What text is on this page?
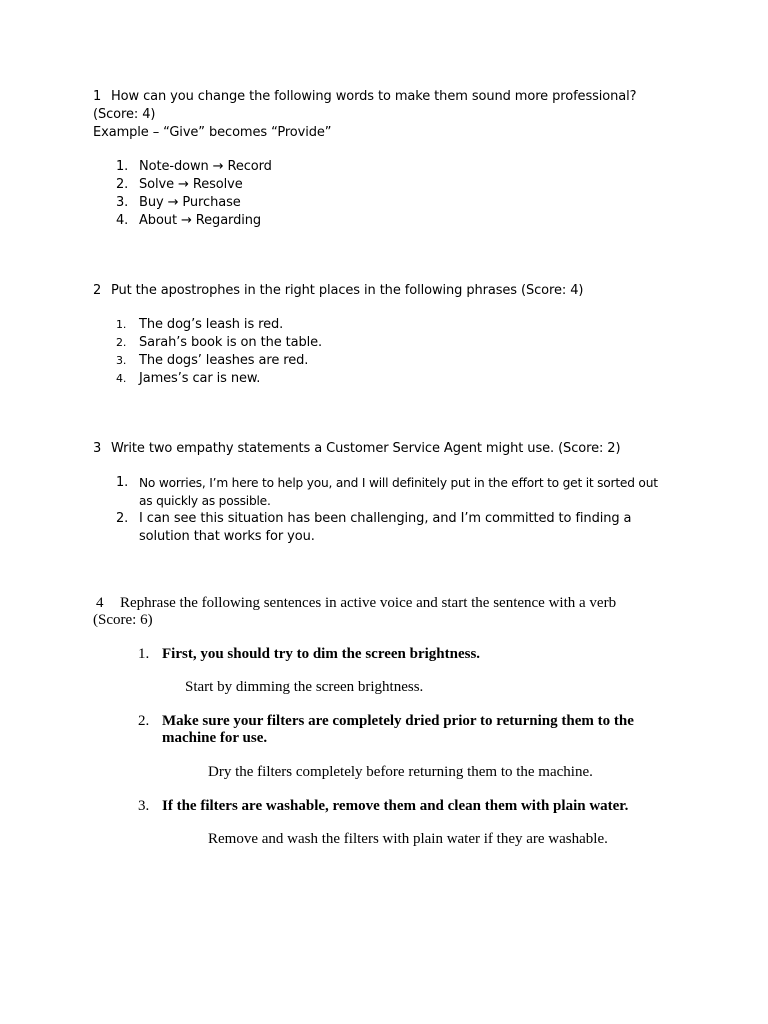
1 How can you change the following words to make them sound more professional?
(Score: 4)
Example – “Give” becomes “Provide”
1. Note-down → Record
2. Solve → Resolve
3. Buy → Purchase
4. About → Regarding
2 Put the apostrophes in the right places in the following phrases (Score: 4)
1. The dog’s leash is red.
2. Sarah’s book is on the table.
3. The dogs’ leashes are red.
4. James’s car is new.
3 Write two empathy statements a Customer Service Agent might use. (Score: 2)
1. No worries, I’m here to help you, and I will definitely put in the effort to get it sorted out as quickly as possible.
2. I can see this situation has been challenging, and I’m committed to finding a solution that works for you.
4 Rephrase the following sentences in active voice and start the sentence with a verb
(Score: 6)
1. First, you should try to dim the screen brightness.
Start by dimming the screen brightness.
2. Make sure your filters are completely dried prior to returning them to the machine for use.
Dry the filters completely before returning them to the machine.
3. If the filters are washable, remove them and clean them with plain water.
Remove and wash the filters with plain water if they are washable.
